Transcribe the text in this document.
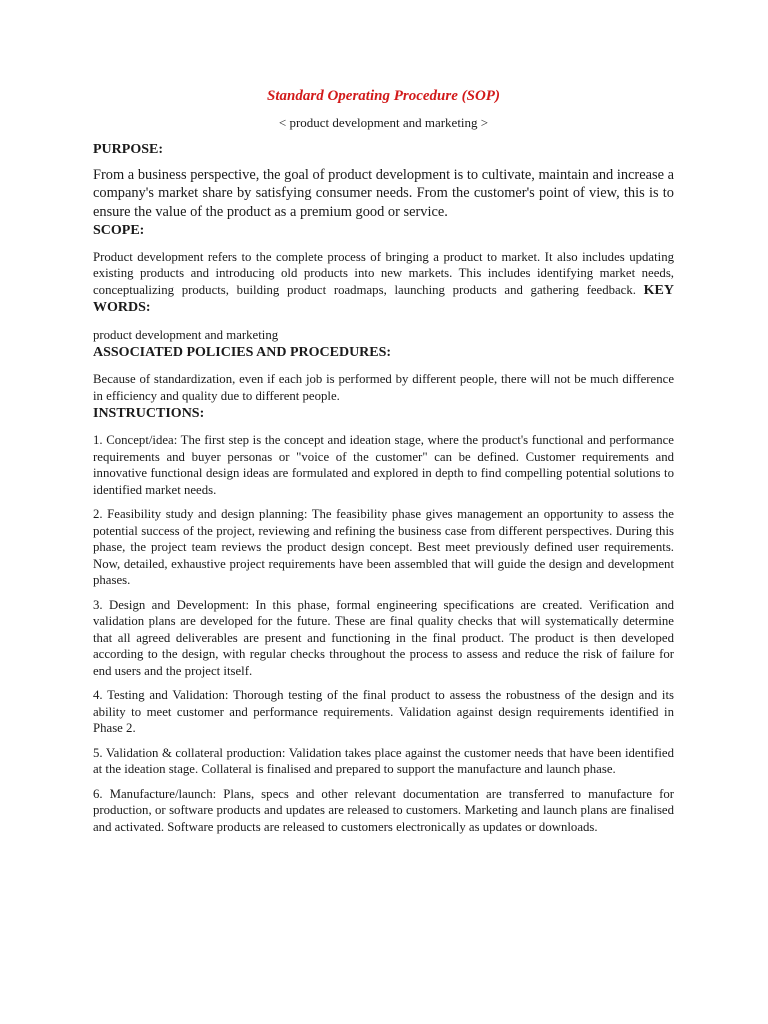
Standard Operating Procedure (SOP)
< product development and marketing >
PURPOSE:

From a business perspective, the goal of product development is to cultivate, maintain and increase a company's market share by satisfying consumer needs. From the customer's point of view, this is to ensure the value of the product as a premium good or service.

SCOPE:

Product development refers to the complete process of bringing a product to market. It also includes updating existing products and introducing old products into new markets. This includes identifying market needs, conceptualizing products, building product roadmaps, launching products and gathering feedback. KEY WORDS:

product development and marketing

ASSOCIATED POLICIES AND PROCEDURES:

Because of standardization, even if each job is performed by different people, there will not be much difference in efficiency and quality due to different people.

INSTRUCTIONS:

1. Concept/idea: The first step is the concept and ideation stage, where the product's functional and performance requirements and buyer personas or "voice of the customer" can be defined. Customer requirements and innovative functional design ideas are formulated and explored in depth to find compelling potential solutions to identified market needs.

2. Feasibility study and design planning: The feasibility phase gives management an opportunity to assess the potential success of the project, reviewing and refining the business case from different perspectives. During this phase, the project team reviews the product design concept. Best meet previously defined user requirements. Now, detailed, exhaustive project requirements have been assembled that will guide the design and development phases.

3. Design and Development: In this phase, formal engineering specifications are created. Verification and validation plans are developed for the future. These are final quality checks that will systematically determine that all agreed deliverables are present and functioning in the final product. The product is then developed according to the design, with regular checks throughout the process to assess and reduce the risk of failure for end users and the project itself.

4. Testing and Validation: Thorough testing of the final product to assess the robustness of the design and its ability to meet customer and performance requirements. Validation against design requirements identified in Phase 2.

5. Validation & collateral production: Validation takes place against the customer needs that have been identified at the ideation stage. Collateral is finalised and prepared to support the manufacture and launch phase.

6. Manufacture/launch: Plans, specs and other relevant documentation are transferred to manufacture for production, or software products and updates are released to customers. Marketing and launch plans are finalised and activated. Software products are released to customers electronically as updates or downloads.
